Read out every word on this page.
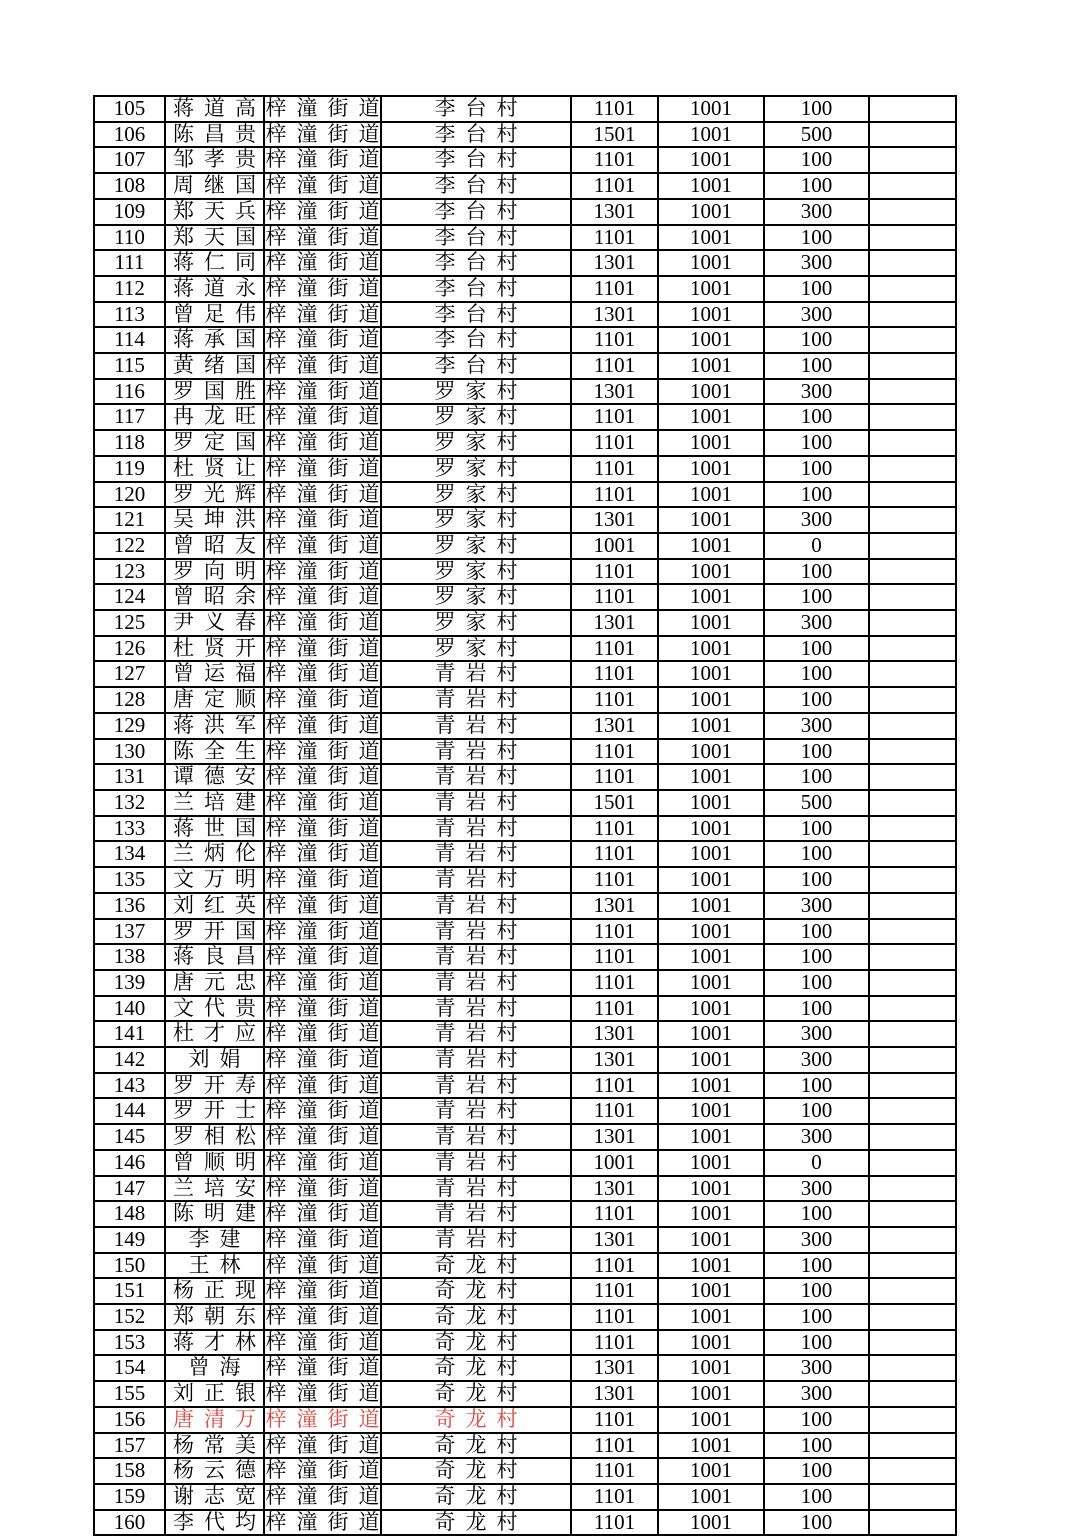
105	蒋道高	梓潼街道	李台村	1101	1001	100	
106	陈昌贵	梓潼街道	李台村	1501	1001	500	
107	邹孝贵	梓潼街道	李台村	1101	1001	100	
108	周继国	梓潼街道	李台村	1101	1001	100	
109	郑天兵	梓潼街道	李台村	1301	1001	300	
110	郑天国	梓潼街道	李台村	1101	1001	100	
111	蒋仁同	梓潼街道	李台村	1301	1001	300	
112	蒋道永	梓潼街道	李台村	1101	1001	100	
113	曾足伟	梓潼街道	李台村	1301	1001	300	
114	蒋承国	梓潼街道	李台村	1101	1001	100	
115	黄绪国	梓潼街道	李台村	1101	1001	100	
116	罗国胜	梓潼街道	罗家村	1301	1001	300	
117	冉龙旺	梓潼街道	罗家村	1101	1001	100	
118	罗定国	梓潼街道	罗家村	1101	1001	100	
119	杜贤让	梓潼街道	罗家村	1101	1001	100	
120	罗光辉	梓潼街道	罗家村	1101	1001	100	
121	吴坤洪	梓潼街道	罗家村	1301	1001	300	
122	曾昭友	梓潼街道	罗家村	1001	1001	0	
123	罗向明	梓潼街道	罗家村	1101	1001	100	
124	曾昭余	梓潼街道	罗家村	1101	1001	100	
125	尹义春	梓潼街道	罗家村	1301	1001	300	
126	杜贤开	梓潼街道	罗家村	1101	1001	100	
127	曾运福	梓潼街道	青岩村	1101	1001	100	
128	唐定顺	梓潼街道	青岩村	1101	1001	100	
129	蒋洪军	梓潼街道	青岩村	1301	1001	300	
130	陈全生	梓潼街道	青岩村	1101	1001	100	
131	谭德安	梓潼街道	青岩村	1101	1001	100	
132	兰培建	梓潼街道	青岩村	1501	1001	500	
133	蒋世国	梓潼街道	青岩村	1101	1001	100	
134	兰炳伦	梓潼街道	青岩村	1101	1001	100	
135	文万明	梓潼街道	青岩村	1101	1001	100	
136	刘红英	梓潼街道	青岩村	1301	1001	300	
137	罗开国	梓潼街道	青岩村	1101	1001	100	
138	蒋良昌	梓潼街道	青岩村	1101	1001	100	
139	唐元忠	梓潼街道	青岩村	1101	1001	100	
140	文代贵	梓潼街道	青岩村	1101	1001	100	
141	杜才应	梓潼街道	青岩村	1301	1001	300	
142	刘娟	梓潼街道	青岩村	1301	1001	300	
143	罗开寿	梓潼街道	青岩村	1101	1001	100	
144	罗开士	梓潼街道	青岩村	1101	1001	100	
145	罗相松	梓潼街道	青岩村	1301	1001	300	
146	曾顺明	梓潼街道	青岩村	1001	1001	0	
147	兰培安	梓潼街道	青岩村	1301	1001	300	
148	陈明建	梓潼街道	青岩村	1101	1001	100	
149	李建	梓潼街道	青岩村	1301	1001	300	
150	王林	梓潼街道	奇龙村	1101	1001	100	
151	杨正现	梓潼街道	奇龙村	1101	1001	100	
152	郑朝东	梓潼街道	奇龙村	1101	1001	100	
153	蒋才林	梓潼街道	奇龙村	1101	1001	100	
154	曾海	梓潼街道	奇龙村	1301	1001	300	
155	刘正银	梓潼街道	奇龙村	1301	1001	300	
156	唐清万	梓潼街道	奇龙村	1101	1001	100	
157	杨常美	梓潼街道	奇龙村	1101	1001	100	
158	杨云德	梓潼街道	奇龙村	1101	1001	100	
159	谢志宽	梓潼街道	奇龙村	1101	1001	100	
160	李代均	梓潼街道	奇龙村	1101	1001	100	
